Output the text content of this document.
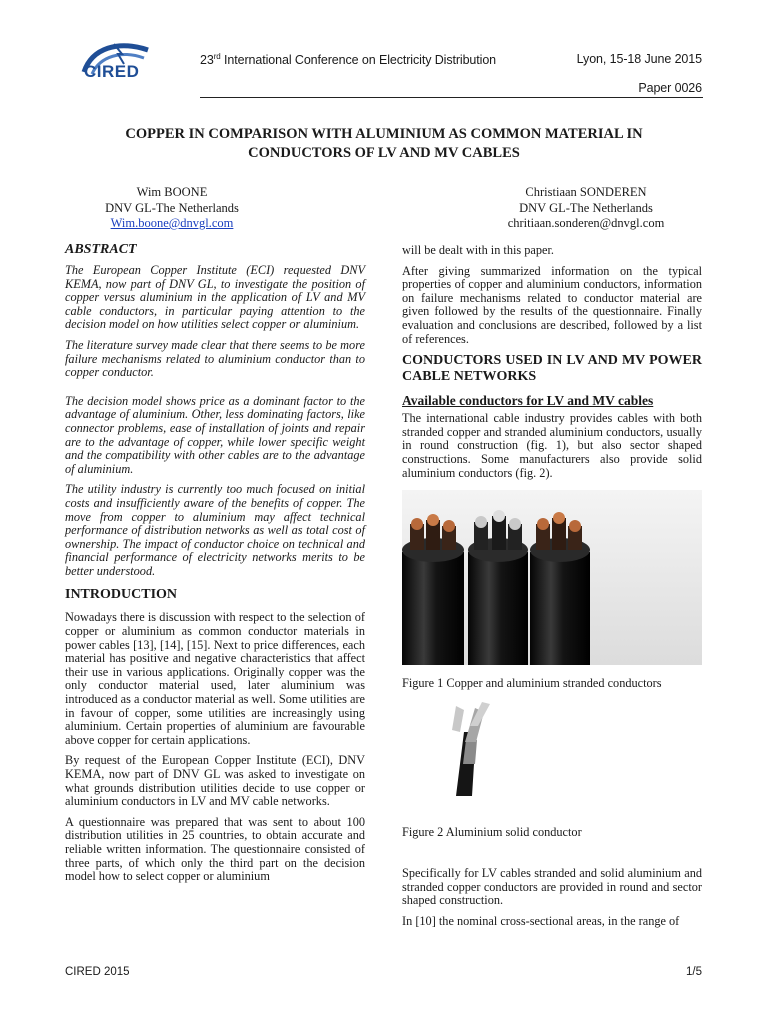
CIRED
23rd International Conference on Electricity Distribution	Lyon, 15-18 June 2015
Paper 0026
COPPER IN COMPARISON WITH ALUMINIUM AS COMMON MATERIAL IN
CONDUCTORS OF LV AND MV CABLES
Wim BOONE
DNV GL-The Netherlands
Wim.boone@dnvgl.com
Christiaan SONDEREN
DNV GL-The Netherlands
chritiaan.sonderen@dnvgl.com
ABSTRACT

The European Copper Institute (ECI) requested DNV KEMA, now part of DNV GL, to investigate the position of copper versus aluminium in the application of LV and MV cable conductors, in particular paying attention to the decision model on how utilities select copper or aluminium.

The literature survey made clear that there seems to be more failure mechanisms related to aluminium conductor than to copper conductor.

The decision model shows price as a dominant factor to the advantage of aluminium. Other, less dominating factors, like connector problems, ease of installation of joints and repair are to the advantage of copper, while lower specific weight and the compatibility with other cables are to the advantage of aluminium.

The utility industry is currently too much focused on initial costs and insufficiently aware of the benefits of copper. The move from copper to aluminium may affect technical performance of distribution networks as well as total cost of ownership. The impact of conductor choice on technical and financial performance of electricity networks merits to be better understood.

INTRODUCTION

Nowadays there is discussion with respect to the selection of copper or aluminium as common conductor materials in power cables [13], [14], [15]. Next to price differences, each material has positive and negative characteristics that affect their use in various applications. Originally copper was the only conductor material used, later aluminium was introduced as a conductor material as well. Some utilities are in favour of copper, some utilities are increasingly using aluminium. Certain properties of aluminium are favourable above copper for certain applications.

By request of the European Copper Institute (ECI), DNV KEMA, now part of DNV GL was asked to investigate on what grounds distribution utilities decide to use copper or aluminium conductors in LV and MV cable networks.

A questionnaire was prepared that was sent to about 100 distribution utilities in 25 countries, to obtain accurate and reliable written information. The questionnaire consisted of three parts, of which only the third part on the decision model how to select copper or aluminium

will be dealt with in this paper.

After giving summarized information on the typical properties of copper and aluminium conductors, information on failure mechanisms related to conductor material are given followed by the results of the questionnaire. Finally evaluation and conclusions are described, followed by a list of references.

CONDUCTORS USED IN LV AND MV POWER CABLE NETWORKS
Available conductors for LV and MV cables

The international cable industry provides cables with both stranded copper and stranded aluminium conductors, usually in round construction (fig. 1), but also sector shaped constructions. Some manufacturers also provide solid aluminium conductors (fig. 2).

Figure 1 Copper and aluminium stranded conductors
Figure 2 Aluminium solid conductor

Specifically for LV cables stranded and solid aluminium and stranded copper conductors are provided in round and sector shaped construction.

In [10] the nominal cross-sectional areas, in the range of

CIRED 2015	1/5
